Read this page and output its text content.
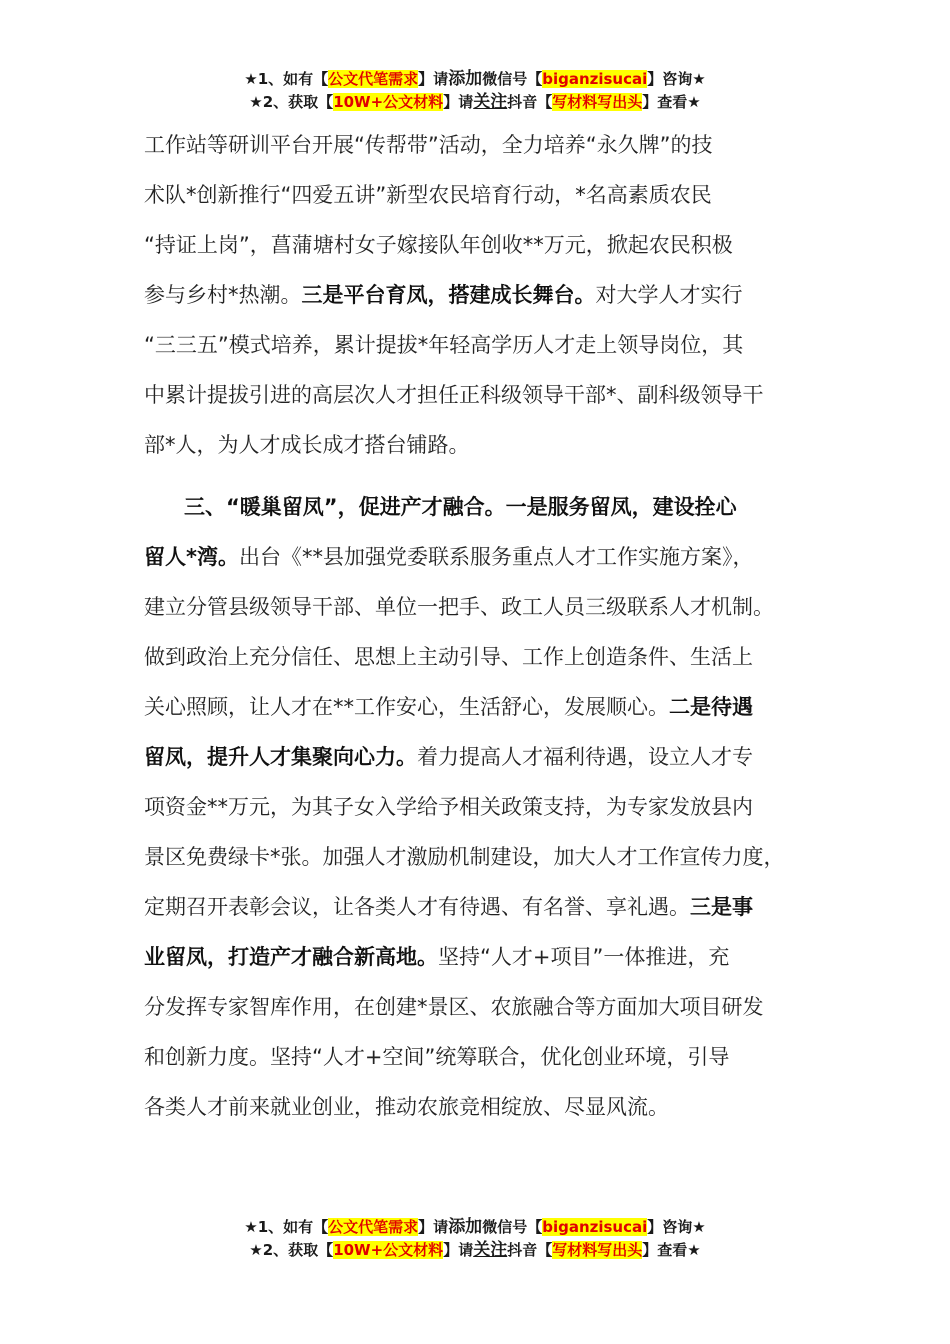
★1、如有【公文代笔需求】请添加微信号【biganzisucai】咨询★
★2、获取【10W+公文材料】请关注抖音【写材料写出头】查看★
工作站等研训平台开展“传帮带”活动，全力培养“永久牌”的技
术队*创新推行“四爱五讲”新型农民培育行动，*名高素质农民
“持证上岗”，菖蒲塘村女子嫁接队年创收**万元，掀起农民积极
参与乡村*热潮。三是平台育凤，搭建成长舞台。对大学人才实行
“三三五”模式培养，累计提拔*年轻高学历人才走上领导岗位，其
中累计提拔引进的高层次人才担任正科级领导干部*、副科级领导干
部*人，为人才成长成才搭台铺路。
三、“暖巢留凤”，促进产才融合。一是服务留凤，建设拴心
留人*湾。出台《**县加强党委联系服务重点人才工作实施方案》，
建立分管县级领导干部、单位一把手、政工人员三级联系人才机制。
做到政治上充分信任、思想上主动引导、工作上创造条件、生活上
关心照顾，让人才在**工作安心，生活舒心，发展顺心。二是待遇
留凤，提升人才集聚向心力。着力提高人才福利待遇，设立人才专
项资金**万元，为其子女入学给予相关政策支持，为专家发放县内
景区免费绿卡*张。加强人才激励机制建设，加大人才工作宣传力度，
定期召开表彰会议，让各类人才有待遇、有名誉、享礼遇。三是事
业留凤，打造产才融合新高地。坚持“人才+项目”一体推进，充
分发挥专家智库作用，在创建*景区、农旅融合等方面加大项目研发
和创新力度。坚持“人才+空间”统筹联合，优化创业环境，引导
各类人才前来就业创业，推动农旅竞相绽放、尽显风流。
★1、如有【公文代笔需求】请添加微信号【biganzisucai】咨询★
★2、获取【10W+公文材料】请关注抖音【写材料写出头】查看★
